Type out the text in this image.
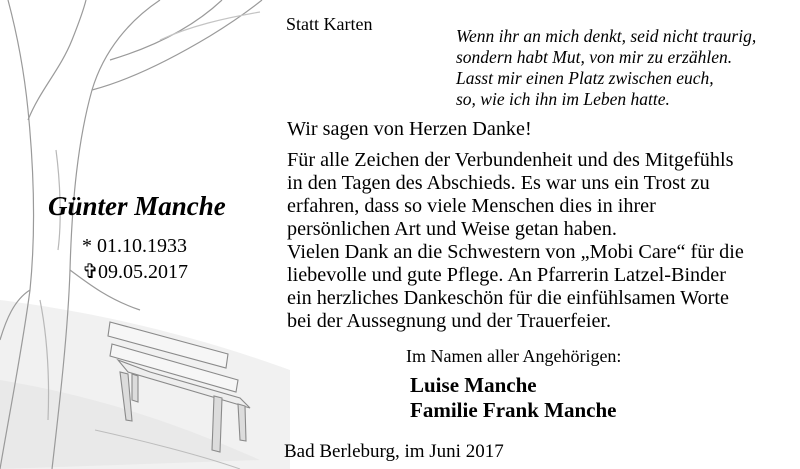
Statt Karten
Wenn ihr an mich denkt, seid nicht traurig,
sondern habt Mut, von mir zu erzählen.
Lasst mir einen Platz zwischen euch,
so, wie ich ihn im Leben hatte.
Günter Manche
* 01.10.1933
✞09.05.2017
Wir sagen von Herzen Danke!
Für alle Zeichen der Verbundenheit und des Mitgefühls
in den Tagen des Abschieds. Es war uns ein Trost zu
erfahren, dass so viele Menschen dies in ihrer
persönlichen Art und Weise getan haben.
Vielen Dank an die Schwestern von „Mobi Care“ für die
liebevolle und gute Pflege. An Pfarrerin Latzel-Binder
ein herzliches Dankeschön für die einfühlsamen Worte
bei der Aussegnung und der Trauerfeier.
Im Namen aller Angehörigen:
Luise Manche
Familie Frank Manche
Bad Berleburg, im Juni 2017
